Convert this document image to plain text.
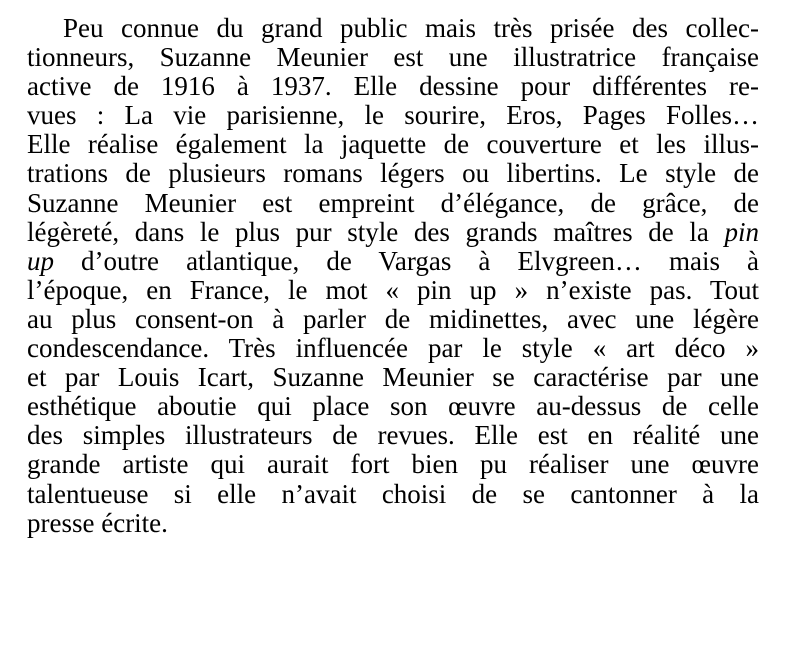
Peu connue du grand public mais très prisée des collec-
tionneurs, Suzanne Meunier est une illustratrice française
active de 1916 à 1937. Elle dessine pour différentes re-
vues : La vie parisienne, le sourire, Eros, Pages Folles…
Elle réalise également la jaquette de couverture et les illus-
trations de plusieurs romans légers ou libertins. Le style de
Suzanne Meunier est empreint d’élégance, de grâce, de
légèreté, dans le plus pur style des grands maîtres de la pin
up d’outre atlantique, de Vargas à Elvgreen… mais à
l’époque, en France, le mot « pin up » n’existe pas. Tout
au plus consent-on à parler de midinettes, avec une légère
condescendance. Très influencée par le style « art déco »
et par Louis Icart, Suzanne Meunier se caractérise par une
esthétique aboutie qui place son œuvre au-dessus de celle
des simples illustrateurs de revues. Elle est en réalité une
grande artiste qui aurait fort bien pu réaliser une œuvre
talentueuse si elle n’avait choisi de se cantonner à la
presse écrite.
